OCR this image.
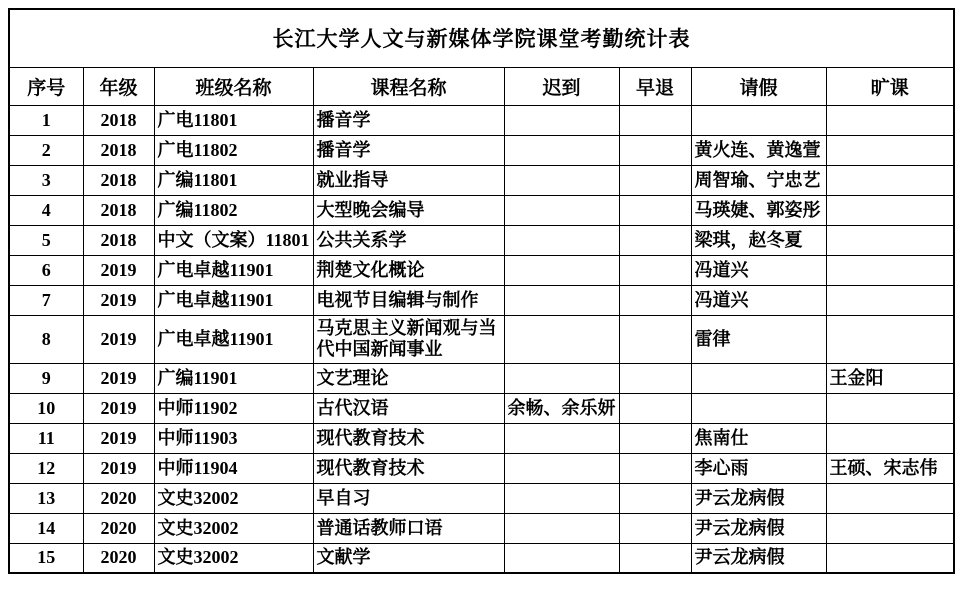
长江大学人文与新媒体学院课堂考勤统计表							
序号	年级	班级名称	课程名称	迟到	早退	请假	旷课
1	2018	广电11801	播音学				
2	2018	广电11802	播音学			黄火连、黄逸萱	
3	2018	广编11801	就业指导			周智瑜、宁忠艺	
4	2018	广编11802	大型晚会编导			马瑛婕、郭姿彤	
5	2018	中文（文案）11801	公共关系学			梁琪，赵冬夏	
6	2019	广电卓越11901	荆楚文化概论			冯道兴	
7	2019	广电卓越11901	电视节目编辑与制作			冯道兴	
8	2019	广电卓越11901	马克思主义新闻观与当代中国新闻事业			雷律	
9	2019	广编11901	文艺理论				王金阳
10	2019	中师11902	古代汉语	余畅、余乐妍			
11	2019	中师11903	现代教育技术			焦南仕	
12	2019	中师11904	现代教育技术			李心雨	王硕、宋志伟
13	2020	文史32002	早自习			尹云龙病假	
14	2020	文史32002	普通话教师口语			尹云龙病假	
15	2020	文史32002	文献学			尹云龙病假	
